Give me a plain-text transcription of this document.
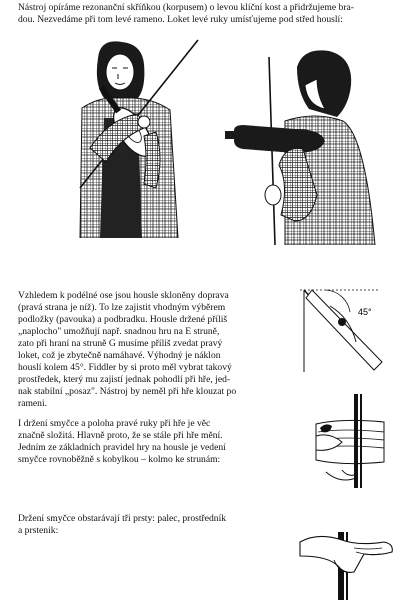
Nástroj opíráme rezonanční skříňkou (korpusem) o levou klíční kost a přidržujeme bra-
dou. Nezvedáme při tom levé rameno. Loket levé ruky umísťujeme pod střed houslí:
Vzhledem k podélné ose jsou housle skloněny doprava
(pravá strana je níž). To lze zajistit vhodným výběrem
podložky (pavouka) a podbradku. Housle držené příliš
„naplocho" umožňují např. snadnou hru na E struně,
zato při hraní na struně G musíme příliš zvedat pravý
loket, což je zbytečně namáhavé. Výhodný je náklon
houslí kolem 45°. Fiddler by si proto měl vybrat takový
prostředek, který mu zajistí jednak pohodlí při hře, jed-
nak stabilní „posaz". Nástroj by neměl při hře klouzat po
rameni.
45°
I držení smyčce a poloha pravé ruky při hře je věc
značně složitá. Hlavně proto, že se stále při hře mění.
Jedním ze základních pravidel hry na housle je vedení
smyčce rovnoběžně s kobylkou – kolmo ke strunám:
Držení smyčce obstarávají tři prsty: palec, prostředník
a prstenik:
